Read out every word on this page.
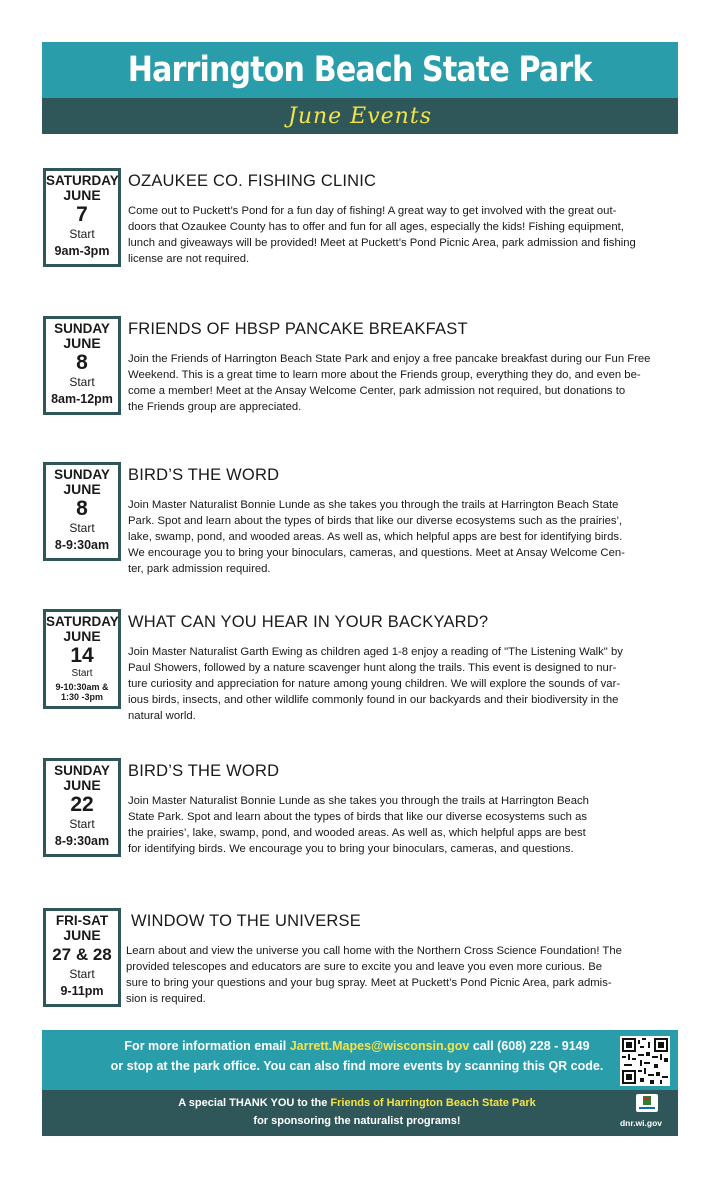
Harrington Beach State Park
June Events
SATURDAY
JUNE
7
Start
9am-3pm
OZAUKEE CO. FISHING CLINIC
Come out to Puckett’s Pond for a fun day of fishing! A great way to get involved with the great out-
doors that Ozaukee County has to offer and fun for all ages, especially the kids! Fishing equipment,
lunch and giveaways will be provided! Meet at Puckett’s Pond Picnic Area, park admission and fishing
license are not required.
SUNDAY
JUNE
8
Start
8am-12pm
FRIENDS OF HBSP PANCAKE BREAKFAST
Join the Friends of Harrington Beach State Park and enjoy a free pancake breakfast during our Fun Free
Weekend. This is a great time to learn more about the Friends group, everything they do, and even be-
come a member! Meet at the Ansay Welcome Center, park admission not required, but donations to
the Friends group are appreciated.
SUNDAY
JUNE
8
Start
8-9:30am
BIRD’S THE WORD
Join Master Naturalist Bonnie Lunde as she takes you through the trails at Harrington Beach State
Park. Spot and learn about the types of birds that like our diverse ecosystems such as the prairies’,
lake, swamp, pond, and wooded areas. As well as, which helpful apps are best for identifying birds.
We encourage you to bring your binoculars, cameras, and questions. Meet at Ansay Welcome Cen-
ter, park admission required.
SATURDAY
JUNE
14
Start
9-10:30am &
1:30 -3pm
WHAT CAN YOU HEAR IN YOUR BACKYARD?
Join Master Naturalist Garth Ewing as children aged 1-8 enjoy a reading of "The Listening Walk" by
Paul Showers, followed by a nature scavenger hunt along the trails. This event is designed to nur-
ture curiosity and appreciation for nature among young children. We will explore the sounds of var-
ious birds, insects, and other wildlife commonly found in our backyards and their biodiversity in the
natural world.
SUNDAY
JUNE
22
Start
8-9:30am
BIRD’S THE WORD
Join Master Naturalist Bonnie Lunde as she takes you through the trails at Harrington Beach
State Park. Spot and learn about the types of birds that like our diverse ecosystems such as
the prairies’, lake, swamp, pond, and wooded areas. As well as, which helpful apps are best
for identifying birds. We encourage you to bring your binoculars, cameras, and questions.
FRI-SAT
JUNE
27 & 28
Start
9-11pm
WINDOW TO THE UNIVERSE
Learn about and view the universe you call home with the Northern Cross Science Foundation! The
provided telescopes and educators are sure to excite you and leave you even more curious. Be
sure to bring your questions and your bug spray. Meet at Puckett’s Pond Picnic Area, park admis-
sion is required.
For more information email Jarrett.Mapes@wisconsin.gov call (608) 228 - 9149
or stop at the park office. You can also find more events by scanning this QR code.
A special THANK YOU to the Friends of Harrington Beach State Park
for sponsoring the naturalist programs!	dnr.wi.gov
